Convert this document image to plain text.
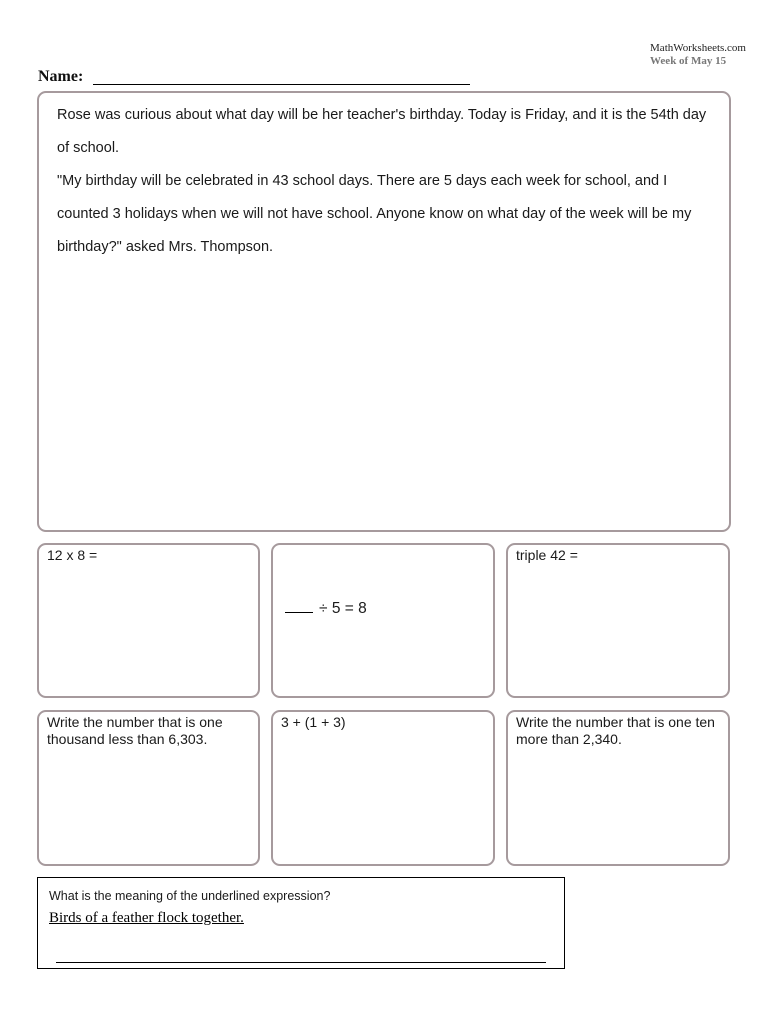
MathWorksheets.com
Week of May 15
Name:

Rose was curious about what day will be her teacher's birthday. Today is Friday, and it is the 54th day of school.

"My birthday will be celebrated in 43 school days. There are 5 days each week for school, and I counted 3 holidays when we will not have school. Anyone know on what day of the week will be my birthday?" asked Mrs. Thompson.

12 x 8 =
÷ 5 = 8
triple 42 =
Write the number that is one thousand less than 6,303.
3 + (1 + 3)	Write the number that is one ten more than 2,340.
What is the meaning of the underlined expression?
Birds of a feather flock together.
